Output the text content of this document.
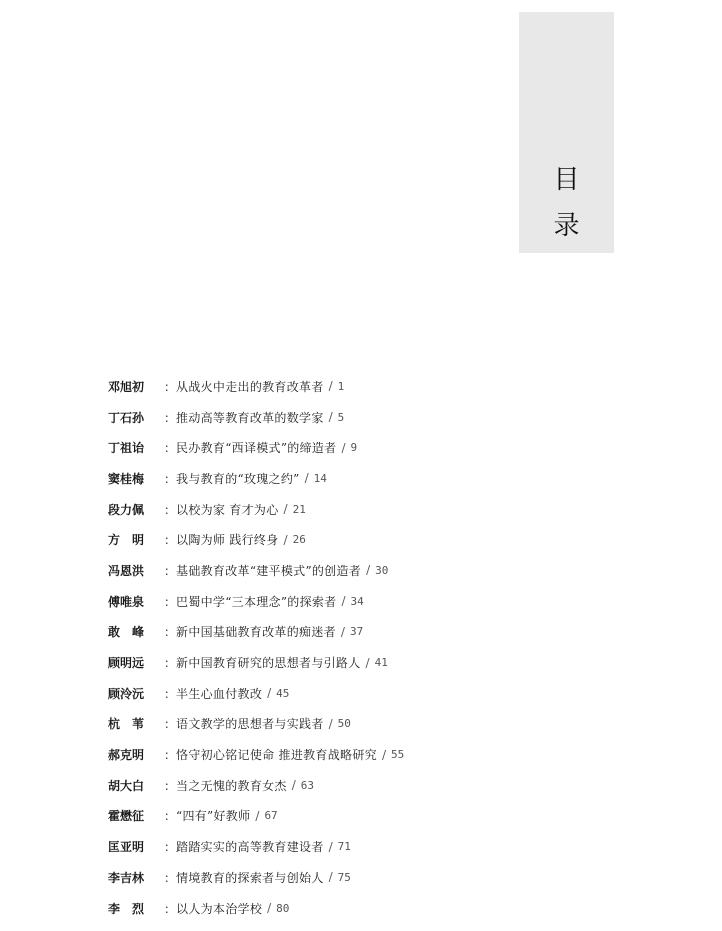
目
录
邓旭初	： 从战火中走出的教育改革者 / 1
丁石孙	： 推动高等教育改革的数学家 / 5
丁祖诒	： 民办教育“西译模式”的缔造者 / 9
窦桂梅	： 我与教育的“玫瑰之约” / 14
段力佩	： 以校为家 育才为心 / 21
方　明	： 以陶为师 践行终身 / 26
冯恩洪	： 基础教育改革“建平模式”的创造者 / 30
傅唯泉	： 巴蜀中学“三本理念”的探索者 / 34
敢　峰	： 新中国基础教育改革的痴迷者 / 37
顾明远	： 新中国教育研究的思想者与引路人 / 41
顾泠沅	： 半生心血付教改 / 45
杭　苇	： 语文教学的思想者与实践者 / 50
郝克明	： 恪守初心铭记使命 推进教育战略研究 / 55
胡大白	： 当之无愧的教育女杰 / 63
霍懋征	： “四有”好教师 / 67
匡亚明	： 踏踏实实的高等教育建设者 / 71
李吉林	： 情境教育的探索者与创始人 / 75
李　烈	： 以人为本治学校 / 80
